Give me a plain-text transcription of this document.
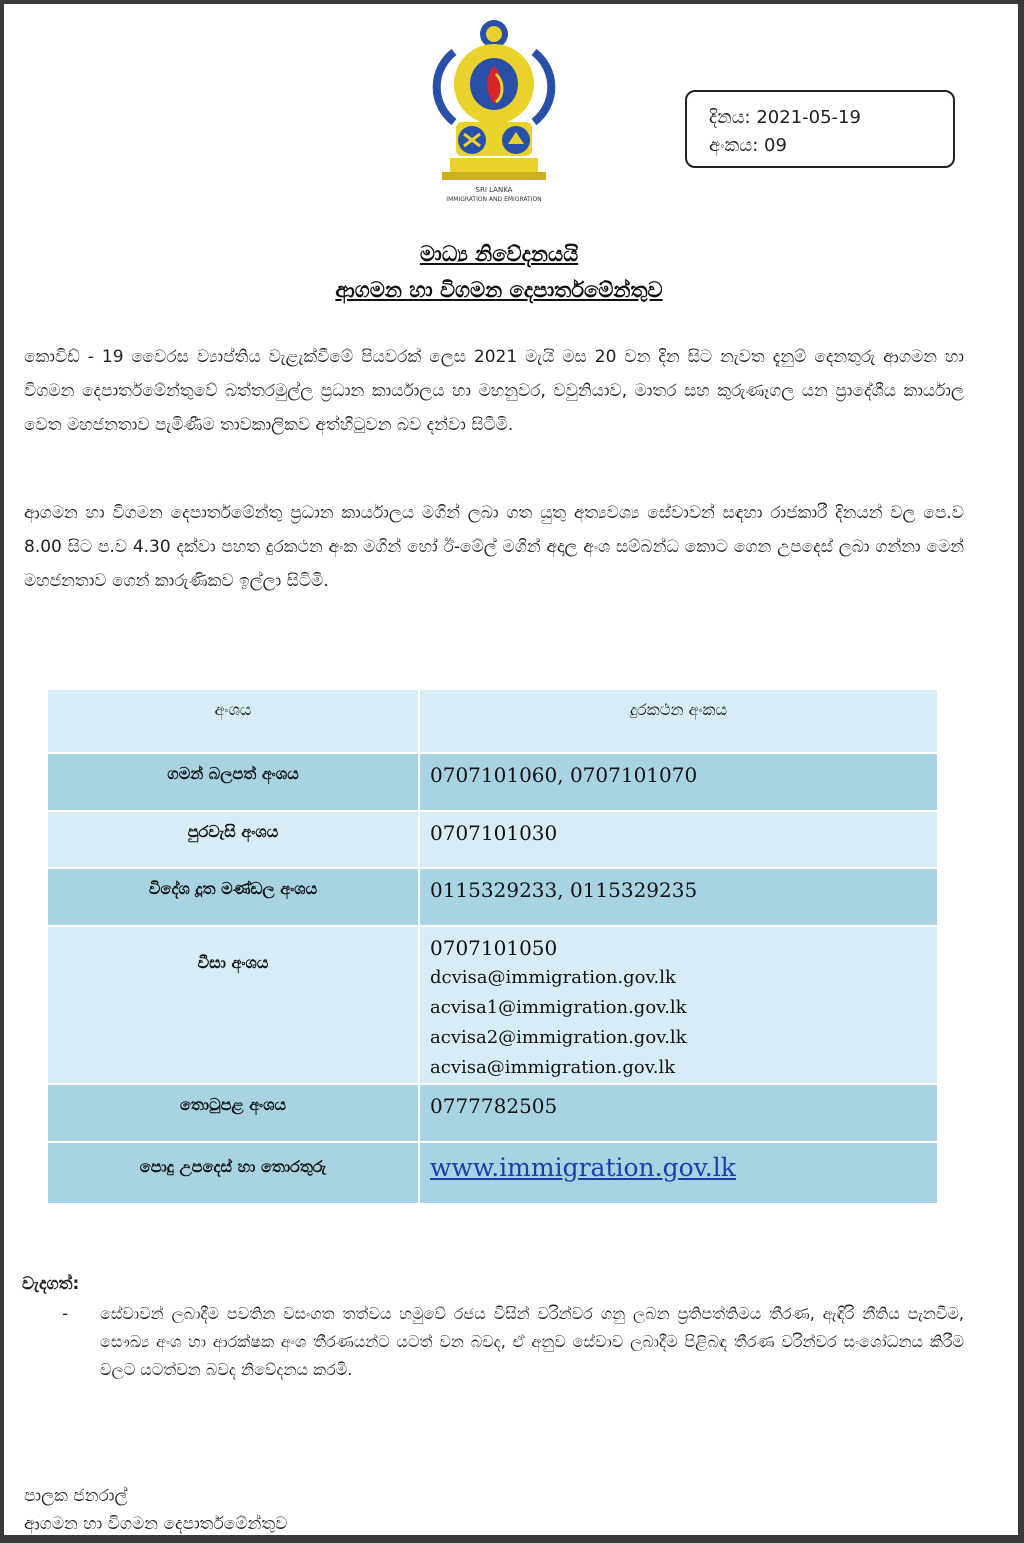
SRI LANKA
IMMIGRATION AND EMIGRATION
දිනය: 2021-05-19
අංකය: 09
මාධ්‍ය නිවේදනයයි
ආගමන හා විගමන දෙපාර්තමේන්තුව
කොවිඩ් - 19 වෛරස ව්‍යාප්තිය වැළැක්වීමේ පියවරක් ලෙස 2021 මැයි මස 20 වන දින සිට නැවත දැනුම් දෙනතුරු ආගමන හා විගමන දෙපාර්තමේන්තුවේ බත්තරමුල්ල ප්‍රධාන කාර්යාලය හා මහනුවර, වවුනියාව, මාතර සහ කුරුණෑගල යන ප්‍රාදේශීය කාර්යාල වෙත මහජනතාව පැමිණීම තාවකාලිකව අත්හිටුවන බව දන්වා සිටිමි.
ආගමන හා විගමන දෙපාර්තමේන්තු ප්‍රධාන කාර්යාලය මගින් ලබා ගත යුතු අත්‍යවශ්‍ය සේවාවන් සඳහා රාජකාරී දිනයන් වල පෙ.ව 8.00 සිට ප.ව 4.30 දක්වා පහත දුරකථන අංක මගින් හෝ ඊ-මේල් මගින් අදාල අංශ සම්බන්ධ කොට ගෙන උපදෙස් ලබා ගන්නා මෙන් මහජනතාව ගෙන් කාරුණිකව ඉල්ලා සිටිමි.
අංශය	දුරකථන අංකය
ගමන් බලපත් අංශය	0707101060, 0707101070

පුරවැසි අංශය	0707101030

විදේශ දූත මණ්ඩල අංශය	0115329233, 0115329235

වීසා අංශය	0707101050
dcvisa@immigration.gov.lk
acvisa1@immigration.gov.lk
acvisa2@immigration.gov.lk
acvisa@immigration.gov.lk

තොටුපළ අංශය	0777782505

පොදු උපදෙස් හා තොරතුරු	www.immigration.gov.lk
වැදගත්:
- සේවාවන් ලබාදීම පවතින වසංගත තත්වය හමුවේ රජය විසින් වරින්වර ගනු ලබන ප්‍රතිපත්තිමය තීරණ, ඇඳිරි නීතිය පැනවීම, සෞඛ්‍ය අංශ හා ආරක්ෂක අංශ තීරණයන්ට යටත් වන බවද, ඒ අනුව සේවාව ලබාදීම පිළිබඳ තීරණ වරින්වර සංශෝධනය කිරීම වලට යටත්වන බවද නිවේදනය කරමි.
පාලක ජනරාල්
ආගමන හා විගමන දෙපාර්තමේන්තුව
